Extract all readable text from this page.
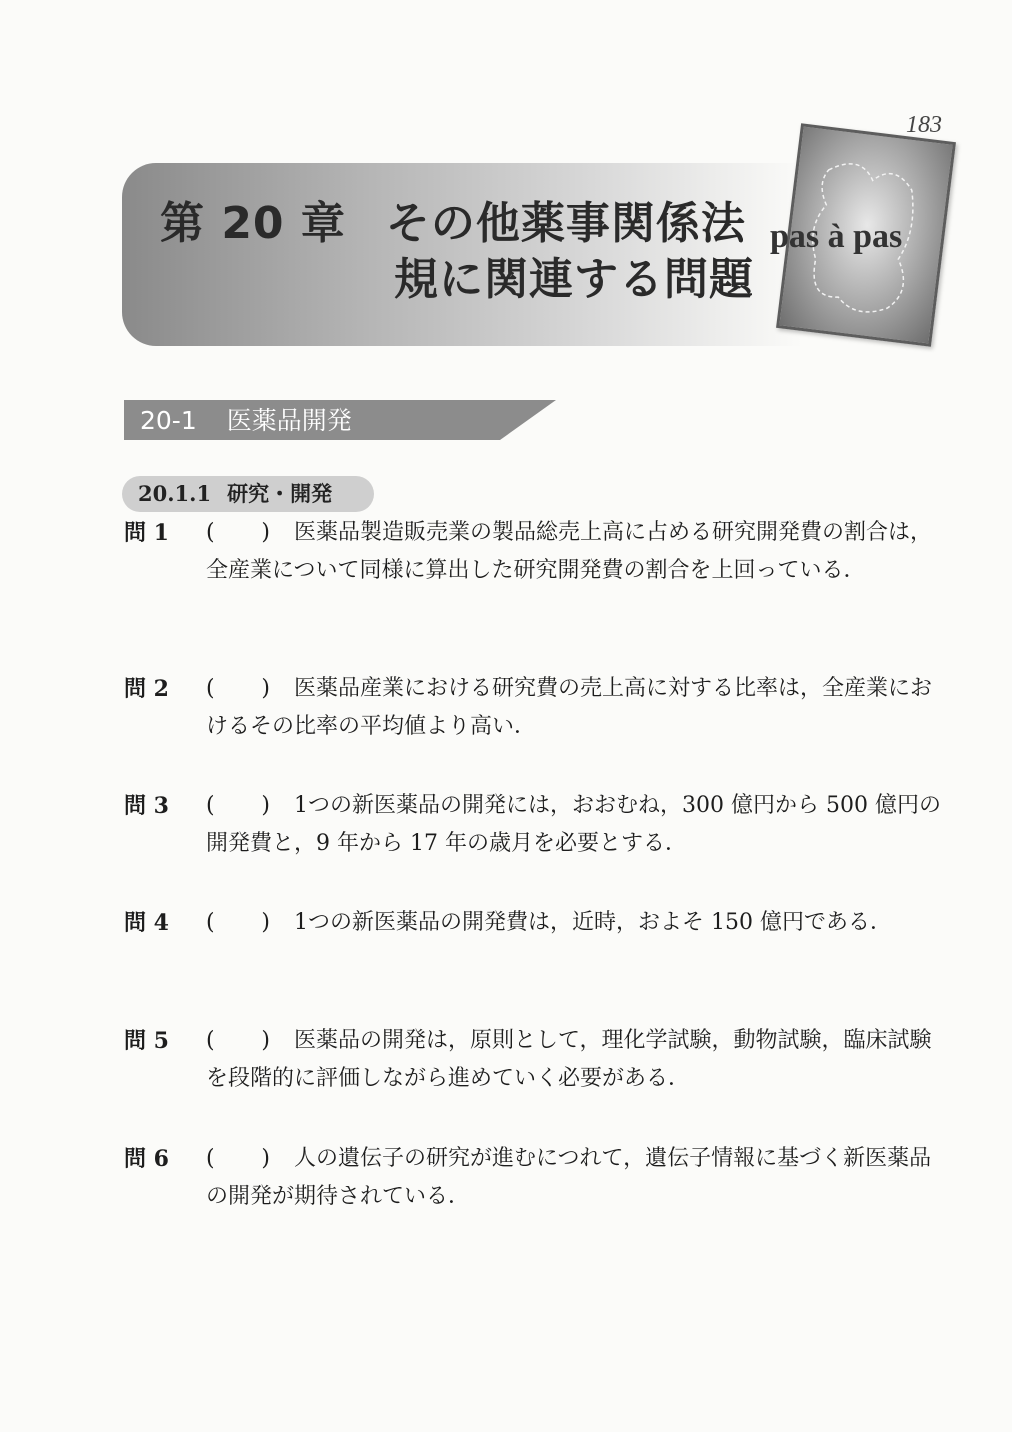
183
第 20 章 その他薬事関係法
規に関連する問題
pas à pas
20-1 医薬品開発
20.1.1 研究・開発
問 1 ( )	医薬品製造販売業の製品総売上高に占める研究開発費の割合は，全産業について同様に算出した研究開発費の割合を上回っている．
問 2 ( )	医薬品産業における研究費の売上高に対する比率は，全産業におけるその比率の平均値より高い．
問 3 ( )	1つの新医薬品の開発には，おおむね，300 億円から 500 億円の開発費と，9 年から 17 年の歳月を必要とする．
問 4 ( )	1つの新医薬品の開発費は，近時，およそ 150 億円である．
問 5 ( )	医薬品の開発は，原則として，理化学試験，動物試験，臨床試験を段階的に評価しながら進めていく必要がある．
問 6 ( )	人の遺伝子の研究が進むにつれて，遺伝子情報に基づく新医薬品の開発が期待されている．
